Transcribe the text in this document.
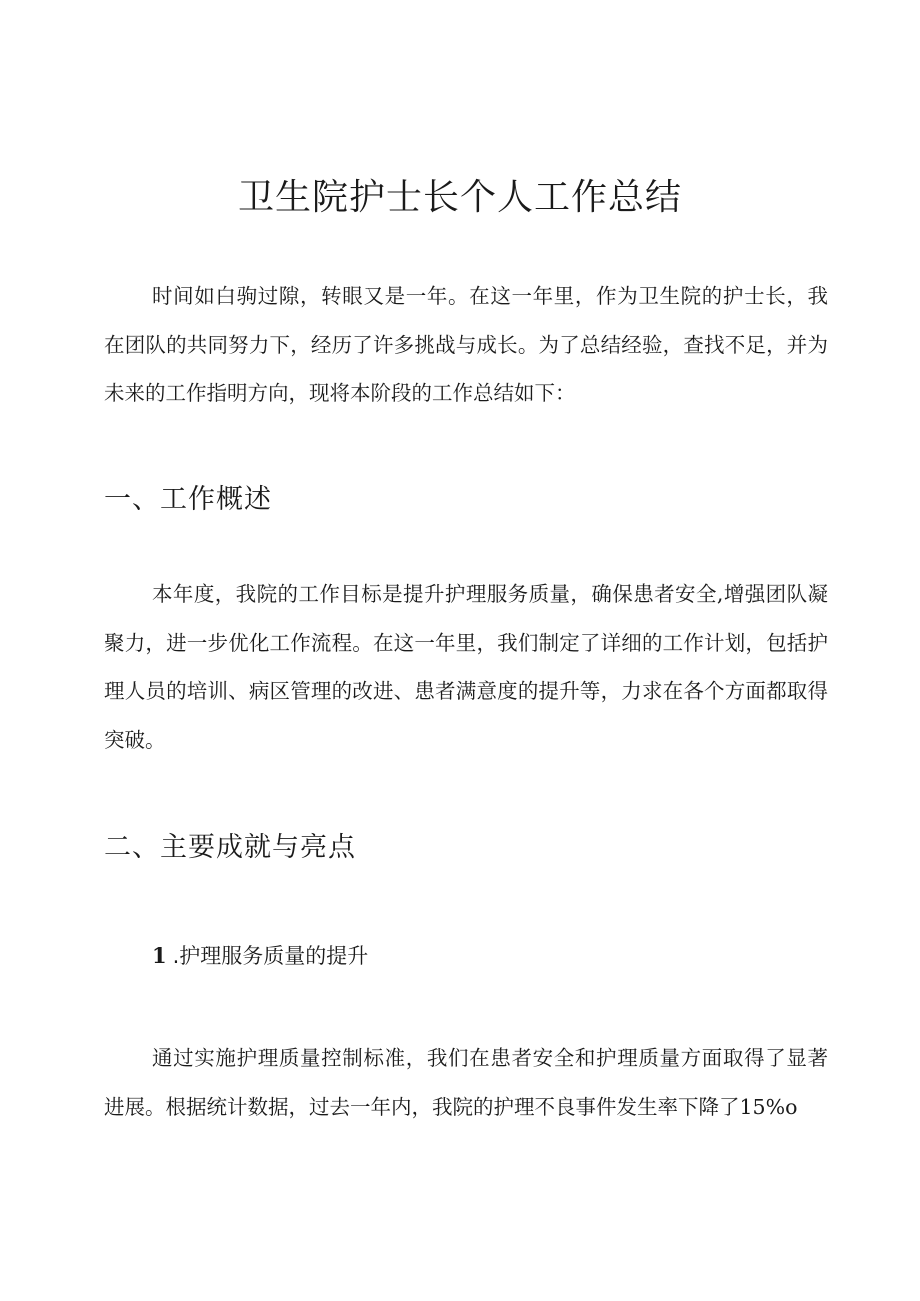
卫生院护士长个人工作总结

时间如白驹过隙，转眼又是一年。在这一年里，作为卫生院的护士长，我在团队的共同努力下，经历了许多挑战与成长。为了总结经验，查找不足，并为未来的工作指明方向，现将本阶段的工作总结如下：

一、工作概述

本年度，我院的工作目标是提升护理服务质量，确保患者安全,增强团队凝聚力，进一步优化工作流程。在这一年里，我们制定了详细的工作计划，包括护理人员的培训、病区管理的改进、患者满意度的提升等，力求在各个方面都取得突破。

二、主要成就与亮点
1 .护理服务质量的提升

通过实施护理质量控制标准，我们在患者安全和护理质量方面取得了显著进展。根据统计数据，过去一年内，我院的护理不良事件发生率下降了15%o
